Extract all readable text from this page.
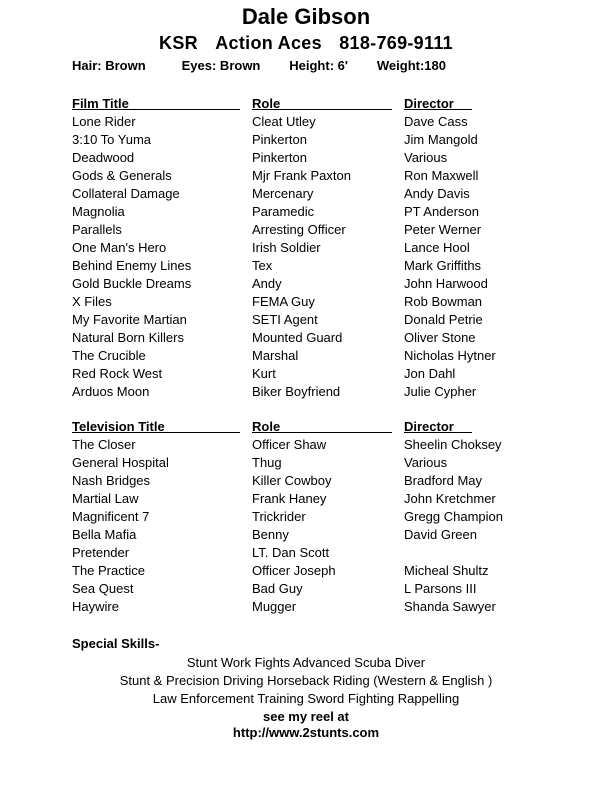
Dale Gibson
KSR Action Aces 818-769-9111
Hair: Brown	Eyes: Brown Height: 6' Weight:180
Film Title	Role	Director
Lone Rider	Cleat Utley	Dave Cass
3:10 To Yuma	Pinkerton	Jim Mangold
Deadwood	Pinkerton	Various
Gods & Generals	Mjr Frank Paxton	Ron Maxwell
Collateral Damage	Mercenary	Andy Davis
Magnolia	Paramedic	PT Anderson
Parallels	Arresting Officer	Peter Werner
One Man's Hero	Irish Soldier	Lance Hool
Behind Enemy Lines	Tex	Mark Griffiths
Gold Buckle Dreams	Andy	John Harwood
X Files	FEMA Guy	Rob Bowman
My Favorite Martian	SETI Agent	Donald Petrie
Natural Born Killers	Mounted Guard	Oliver Stone
The Crucible	Marshal	Nicholas Hytner
Red Rock West	Kurt	Jon Dahl
Arduos Moon	Biker Boyfriend	Julie Cypher
Television Title	Role	Director
The Closer	Officer Shaw	Sheelin Choksey
General Hospital	Thug	Various
Nash Bridges	Killer Cowboy	Bradford May
Martial Law	Frank Haney	John Kretchmer
Magnificent 7	Trickrider	Gregg Champion
Bella Mafia	Benny	David Green
Pretender	LT. Dan Scott
The Practice	Officer Joseph	Micheal Shultz
Sea Quest	Bad Guy	L Parsons III
Haywire	Mugger	Shanda Sawyer
Special Skills-
Stunt Work Fights Advanced Scuba Diver
Stunt & Precision Driving Horseback Riding (Western & English )
Law Enforcement Training Sword Fighting Rappelling
see my reel at
http://www.2stunts.com
